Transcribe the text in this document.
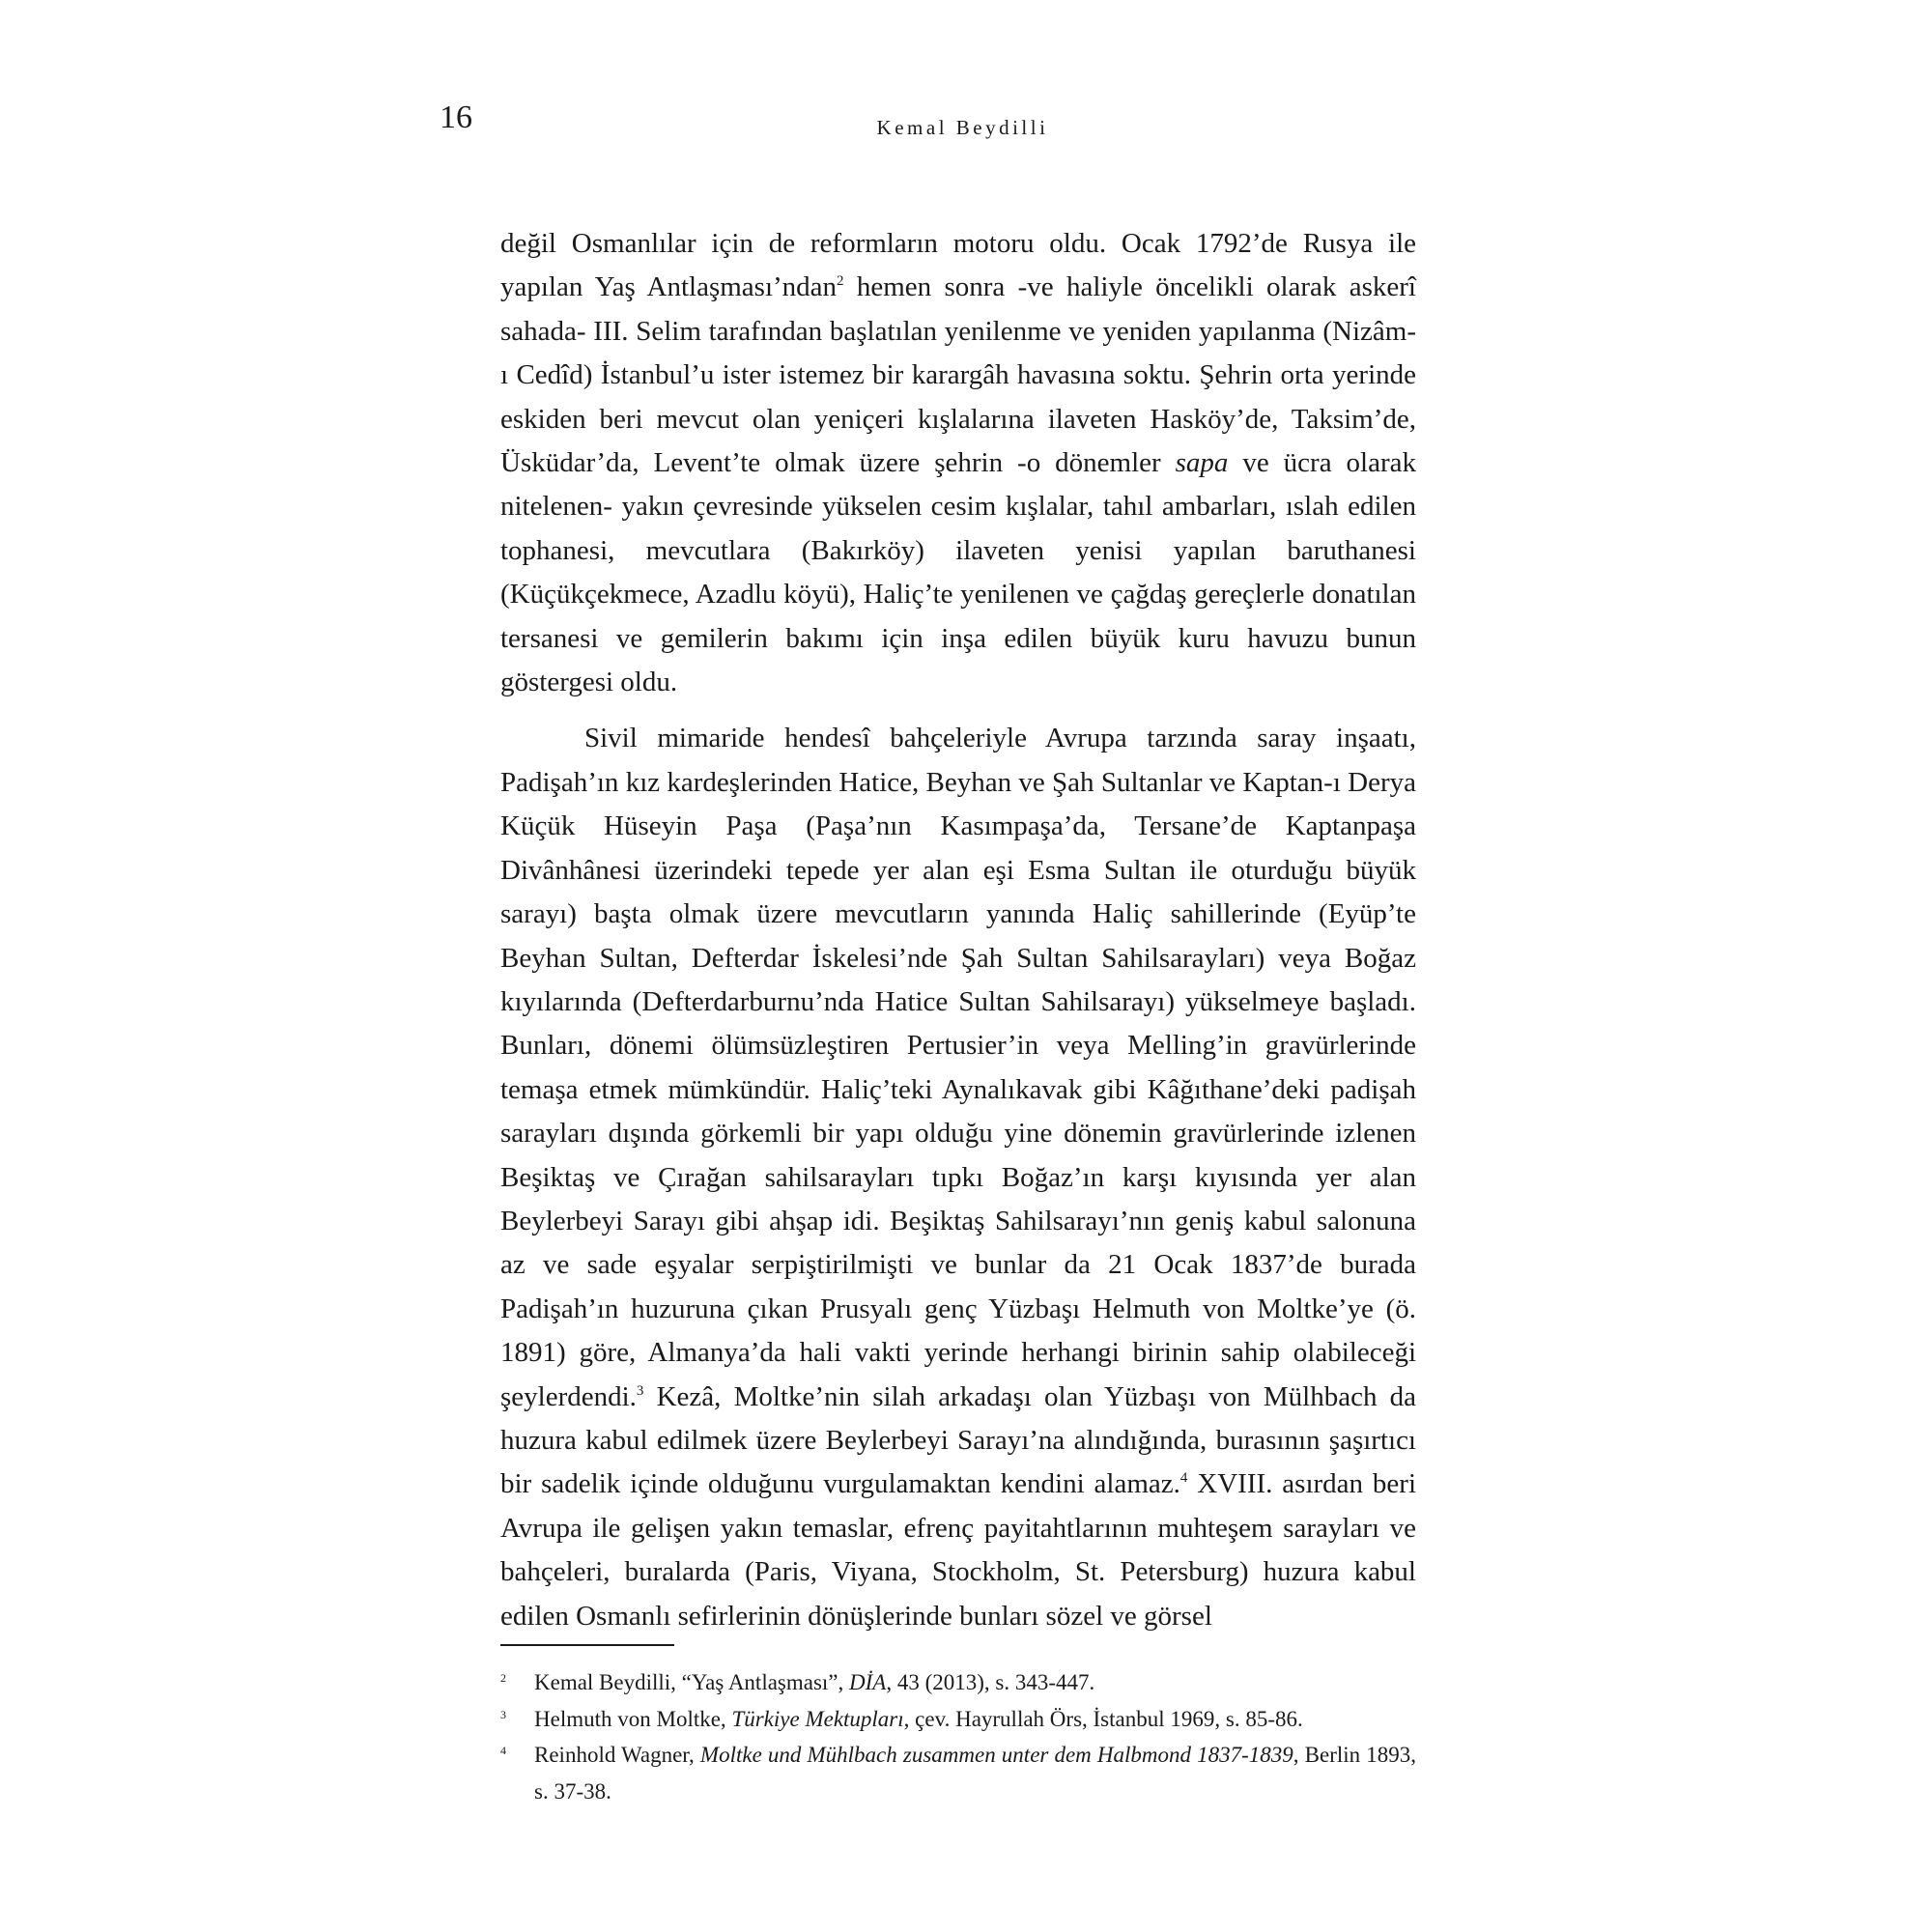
16	Kemal Beydilli

değil Osmanlılar için de reformların motoru oldu. Ocak 1792’de Rusya ile yapılan Yaş Antlaşması’ndan$^2$ hemen sonra -ve haliyle öncelikli olarak askerî sahada- III. Selim tarafından başlatılan yenilenme ve yeniden yapılanma (Nizâm-ı Cedîd) İstanbul’u ister istemez bir karargâh havasına soktu. Şehrin orta yerinde eskiden beri mevcut olan yeniçeri kışlalarına ilaveten Hasköy’de, Taksim’de, Üsküdar’da, Levent’te olmak üzere şehrin -o dönemler sapa ve ücra olarak nitelenen- yakın çevresinde yükselen cesim kışlalar, tahıl ambarları, ıslah edilen tophanesi, mevcutlara (Bakırköy) ilaveten yenisi yapılan baruthanesi (Küçükçekmece, Azadlu köyü), Haliç’te yenilenen ve çağdaş gereçlerle donatılan tersanesi ve gemilerin bakımı için inşa edilen büyük kuru havuzu bunun göstergesi oldu.

Sivil mimaride hendesî bahçeleriyle Avrupa tarzında saray inşaatı, Padişah’ın kız kardeşlerinden Hatice, Beyhan ve Şah Sultanlar ve Kaptan-ı Derya Küçük Hüseyin Paşa (Paşa’nın Kasımpaşa’da, Tersane’de Kaptanpaşa Divânhânesi üzerindeki tepede yer alan eşi Esma Sultan ile oturduğu büyük sarayı) başta olmak üzere mevcutların yanında Haliç sahillerinde (Eyüp’te Beyhan Sultan, Defterdar İskelesi’nde Şah Sultan Sahilsarayları) veya Boğaz kıyılarında (Defterdarburnu’nda Hatice Sultan Sahilsarayı) yükselmeye başladı. Bunları, dönemi ölümsüzleştiren Pertusier’in veya Melling’in gravürlerinde temaşa etmek mümkündür. Haliç’teki Aynalıkavak gibi Kâğıthane’deki padişah sarayları dışında görkemli bir yapı olduğu yine dönemin gravürlerinde izlenen Beşiktaş ve Çırağan sahilsarayları tıpkı Boğaz’ın karşı kıyısında yer alan Beylerbeyi Sarayı gibi ahşap idi. Beşiktaş Sahilsarayı’nın geniş kabul salonuna az ve sade eşyalar serpiştirilmişti ve bunlar da 21 Ocak 1837’de burada Padişah’ın huzuruna çıkan Prusyalı genç Yüzbaşı Helmuth von Moltke’ye (ö. 1891) göre, Almanya’da hali vakti yerinde herhangi birinin sahip olabileceği şeylerdendi.$^3$ Kezâ, Moltke’nin silah arkadaşı olan Yüzbaşı von Mülhbach da huzura kabul edilmek üzere Beylerbeyi Sarayı’na alındığında, burasının şaşırtıcı bir sadelik içinde olduğunu vurgulamaktan kendini alamaz.$^4$ XVIII. asırdan beri Avrupa ile gelişen yakın temaslar, efrenç payitahtlarının muhteşem sarayları ve bahçeleri, buralarda (Paris, Viyana, Stockholm, St. Petersburg) huzura kabul edilen Osmanlı sefirlerinin dönüşlerinde bunları sözel ve görsel

2 Kemal Beydilli, “Yaş Antlaşması”, DİA, 43 (2013), s. 343-447.
3 Helmuth von Moltke, Türkiye Mektupları, çev. Hayrullah Örs, İstanbul 1969, s. 85-86.
4 Reinhold Wagner, Moltke und Mühlbach zusammen unter dem Halbmond 1837-1839, Berlin 1893, s. 37-38.
